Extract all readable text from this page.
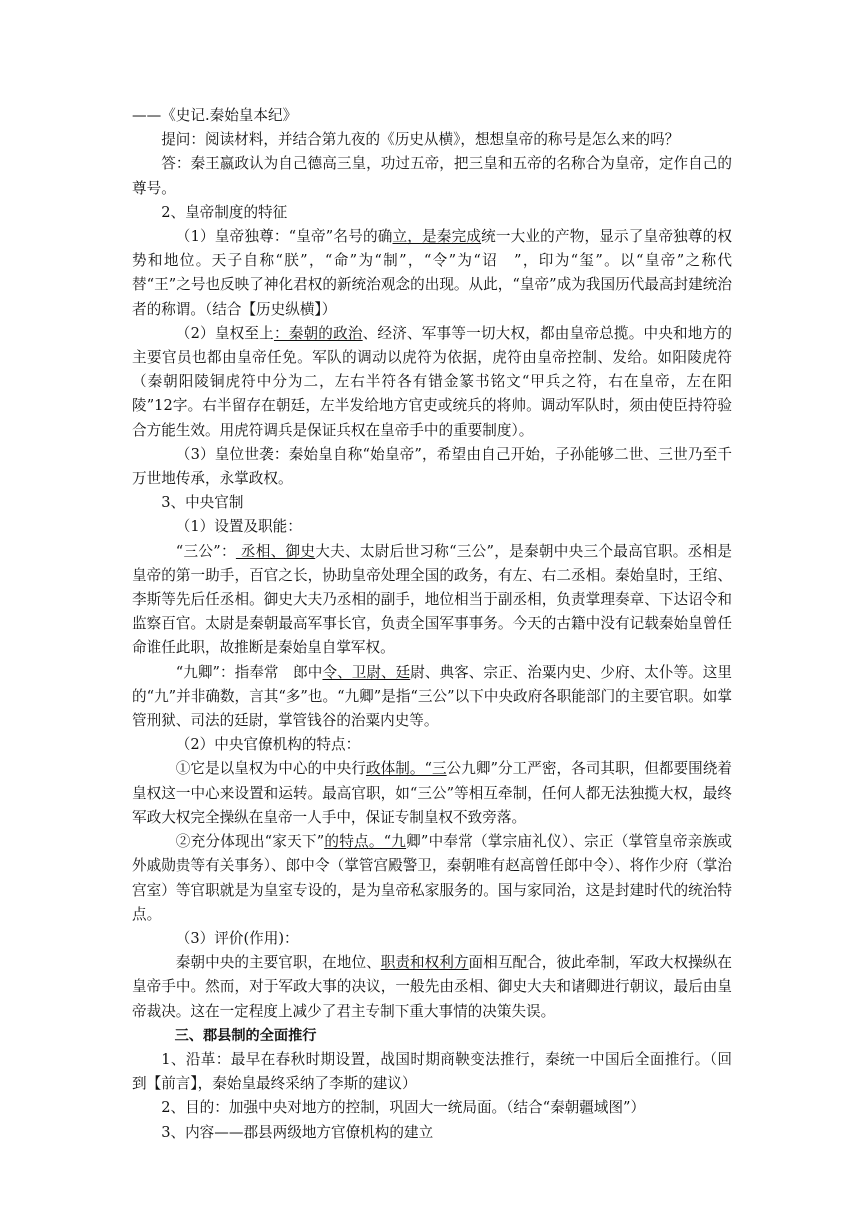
——《史记.秦始皇本纪》

提问：阅读材料，并结合第九夜的《历史从横》，想想皇帝的称号是怎么来的吗？

答：秦王嬴政认为自己德高三皇，功过五帝，把三皇和五帝的名称合为皇帝，定作自己的尊号。

2、皇帝制度的特征

（1）皇帝独尊：“皇帝”名号的确立，是秦完成统一大业的产物，显示了皇帝独尊的权势和地位。天子自称“朕”，“命”为“制”，“令”为“诏　”，印为“玺”。以“皇帝”之称代替“王”之号也反映了神化君权的新统治观念的出现。从此，“皇帝”成为我国历代最高封建统治者的称谓。（结合【历史纵横】）

（2）皇权至上：秦朝的政治、经济、军事等一切大权，都由皇帝总揽。中央和地方的主要官员也都由皇帝任免。军队的调动以虎符为依据，虎符由皇帝控制、发给。如阳陵虎符（秦朝阳陵铜虎符中分为二，左右半符各有错金篆书铭文“甲兵之符，右在皇帝，左在阳陵”12字。右半留存在朝廷，左半发给地方官吏或统兵的将帅。调动军队时，须由使臣持符验合方能生效。用虎符调兵是保证兵权在皇帝手中的重要制度）。

（3）皇位世袭：秦始皇自称“始皇帝”，希望由自己开始，子孙能够二世、三世乃至千万世地传承，永掌政权。

3、中央官制

（1）设置及职能：

“三公”： 丞相、御史大夫、太尉后世习称“三公”，是秦朝中央三个最高官职。丞相是皇帝的第一助手，百官之长，协助皇帝处理全国的政务，有左、右二丞相。秦始皇时，王绾、李斯等先后任丞相。御史大夫乃丞相的副手，地位相当于副丞相，负责掌理奏章、下达诏令和监察百官。太尉是秦朝最高军事长官，负责全国军事事务。今天的古籍中没有记载秦始皇曾任命谁任此职，故推断是秦始皇自掌军权。

“九卿”：指奉常　郎中令、卫尉、廷尉、典客、宗正、治粟内史、少府、太仆等。这里的“九”并非确数，言其“多”也。“九卿”是指“三公”以下中央政府各职能部门的主要官职。如掌管刑狱、司法的廷尉，掌管钱谷的治粟内史等。

（2）中央官僚机构的特点：

①它是以皇权为中心的中央行政体制。“三公九卿”分工严密，各司其职，但都要围绕着皇权这一中心来设置和运转。最高官职，如“三公”等相互牵制，任何人都无法独揽大权，最终军政大权完全操纵在皇帝一人手中，保证专制皇权不致旁落。

②充分体现出“家天下”的特点。“九卿”中奉常（掌宗庙礼仪）、宗正（掌管皇帝亲族或外戚勋贵等有关事务）、郎中令（掌管宫殿警卫，秦朝唯有赵高曾任郎中令）、将作少府（掌治宫室）等官职就是为皇室专设的，是为皇帝私家服务的。国与家同治，这是封建时代的统治特点。

（3）评价(作用)：

秦朝中央的主要官职，在地位、职责和权利方面相互配合，彼此牵制，军政大权操纵在皇帝手中。然而，对于军政大事的决议，一般先由丞相、御史大夫和诸卿进行朝议，最后由皇帝裁决。这在一定程度上减少了君主专制下重大事情的决策失误。

三、郡县制的全面推行

1、沿革：最早在春秋时期设置，战国时期商鞅变法推行，秦统一中国后全面推行。（回到【前言】，秦始皇最终采纳了李斯的建议）

2、目的：加强中央对地方的控制，巩固大一统局面。（结合“秦朝疆域图”）

3、内容——郡县两级地方官僚机构的建立
